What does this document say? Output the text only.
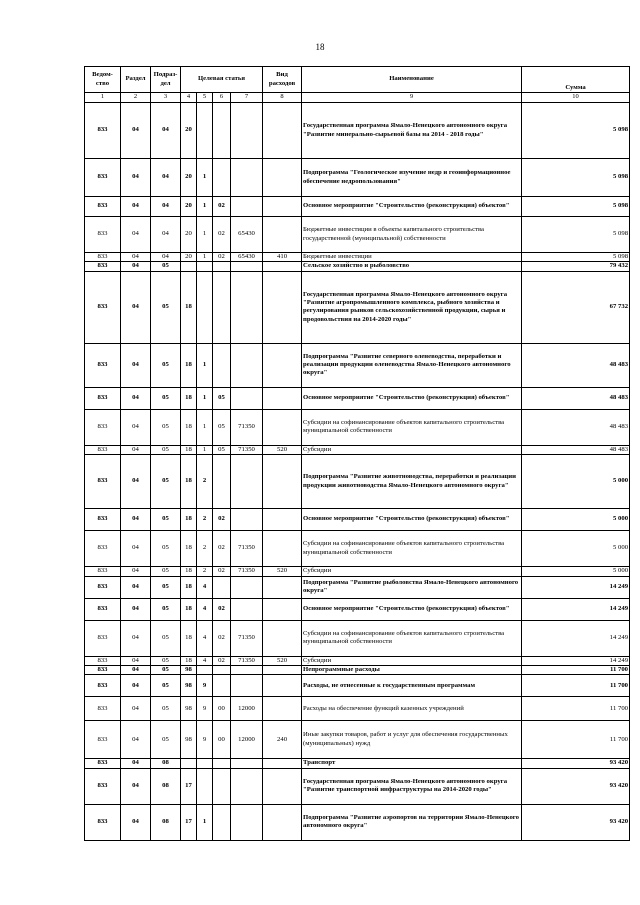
18
Ведом-ство	Раздел	Подраз-дел	Целевая статья				Вид расходов	Наименование	Сумма
1	2	3	4	5	6	7	8	9	10
833	04	04	20					Государственная программа Ямало-Ненецкого автономного округа "Развитие минерально-сырьевой базы на 2014 - 2018 годы"	5 098
833	04	04	20	1				Подпрограмма "Геологическое изучение недр и геоинформационное обеспечение недропользования"	5 098
833	04	04	20	1	02			Основное мероприятие "Строительство (реконструкция) объектов"	5 098
833	04	04	20	1	02	65430		Бюджетные инвестиции в объекты капитального строительства государственной (муниципальной) собственности	5 098
833	04	04	20	1	02	65430	410	Бюджетные инвестиции	5 098
833	04	05						Сельское хозяйство и рыболовство	79 432
833	04	05	18					Государственная программа Ямало-Ненецкого автономного округа "Развитие агропромышленного комплекса, рыбного хозяйства и регулирования рынков сельскохозяйственной продукции, сырья и продовольствия на 2014-2020 годы"	67 732
833	04	05	18	1				Подпрограмма "Развитие северного оленеводства, переработки и реализации продукции оленеводства Ямало-Ненецкого автономного округа"	48 483
833	04	05	18	1	05			Основное мероприятие "Строительство (реконструкция) объектов"	48 483
833	04	05	18	1	05	71350		Субсидии на софинансирование объектов капитального строительства муниципальной собственности	48 483
833	04	05	18	1	05	71350	520	Субсидии	48 483
833	04	05	18	2				Подпрограмма "Развитие животноводства, переработки и реализации продукции животноводства Ямало-Ненецкого автономного округа"	5 000
833	04	05	18	2	02			Основное мероприятие "Строительство (реконструкция) объектов"	5 000
833	04	05	18	2	02	71350		Субсидии на софинансирование объектов капитального строительства муниципальной собственности	5 000
833	04	05	18	2	02	71350	520	Субсидии	5 000
833	04	05	18	4				Подпрограмма "Развитие рыболовства Ямало-Ненецкого автономного округа"	14 249
833	04	05	18	4	02			Основное мероприятие "Строительство (реконструкция) объектов"	14 249
833	04	05	18	4	02	71350		Субсидии на софинансирование объектов капитального строительства муниципальной собственности	14 249
833	04	05	18	4	02	71350	520	Субсидии	14 249
833	04	05	98					Непрограммные расходы	11 700
833	04	05	98	9				Расходы, не отнесенные к государственным программам	11 700
833	04	05	98	9	00	12000		Расходы на обеспечение функций казенных учреждений	11 700
833	04	05	98	9	00	12000	240	Иные закупки товаров, работ и услуг для обеспечения государственных (муниципальных) нужд	11 700
833	04	08						Транспорт	93 420
833	04	08	17					Государственная программа Ямало-Ненецкого автономного округа "Развитие транспортной инфраструктуры на 2014-2020 годы"	93 420
833	04	08	17	1				Подпрограмма "Развитие аэропортов на территории Ямало-Ненецкого автономного округа"	93 420
